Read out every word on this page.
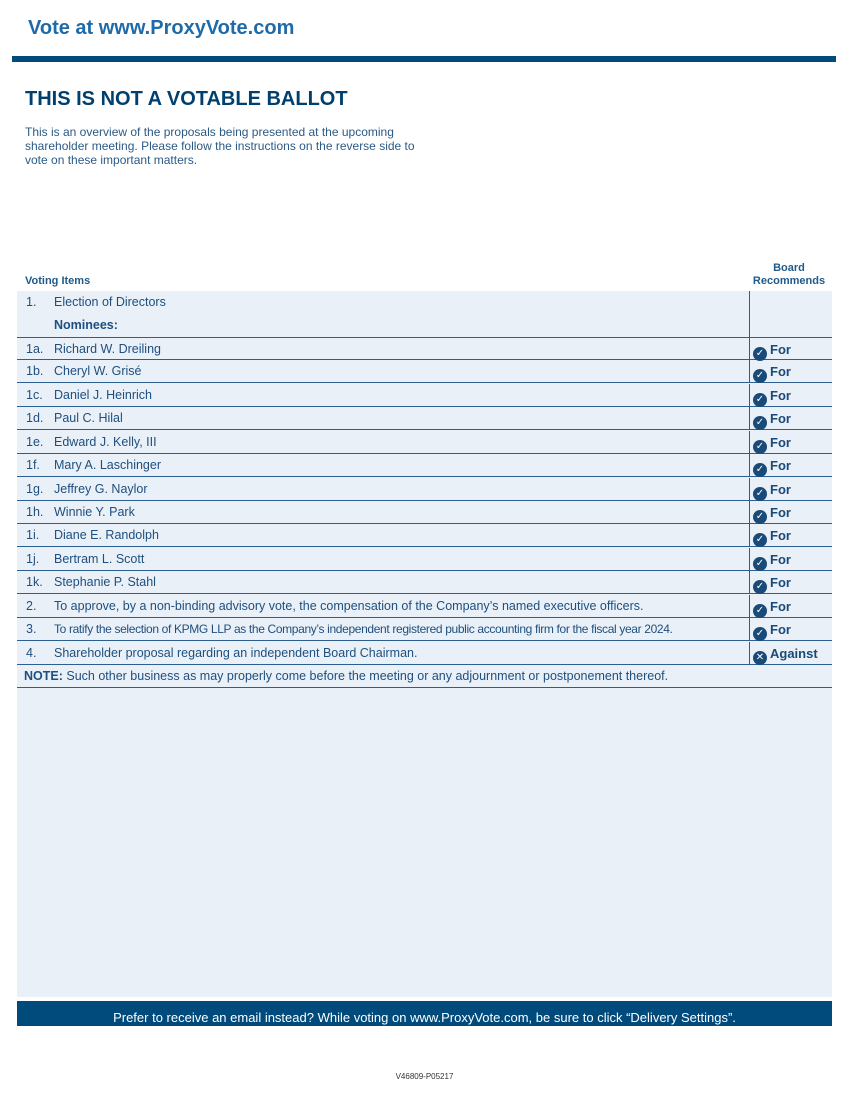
Vote at www.ProxyVote.com
THIS IS NOT A VOTABLE BALLOT

This is an overview of the proposals being presented at the upcoming shareholder meeting. Please follow the instructions on the reverse side to vote on these important matters.

Voting Items
Board
Recommends
1. Election of Directors
Nominees:
1a. Richard W. Dreiling	✓ For
1b. Cheryl W. Grisé	✓ For
1c. Daniel J. Heinrich	✓ For
1d. Paul C. Hilal	✓ For
1e. Edward J. Kelly, III	✓ For
1f. Mary A. Laschinger	✓ For
1g. Jeffrey G. Naylor	✓ For
1h. Winnie Y. Park	✓ For
1i. Diane E. Randolph	✓ For
1j. Bertram L. Scott	✓ For
1k. Stephanie P. Stahl	✓ For
2. To approve, by a non-binding advisory vote, the compensation of the Company’s named executive officers.	✓ For
3. To ratify the selection of KPMG LLP as the Company’s independent registered public accounting firm for the fiscal year 2024.	✓ For
4. Shareholder proposal regarding an independent Board Chairman.	✕ Against
NOTE: Such other business as may properly come before the meeting or any adjournment or postponement thereof.
Prefer to receive an email instead? While voting on www.ProxyVote.com, be sure to click “Delivery Settings”.
V46809-P05217
